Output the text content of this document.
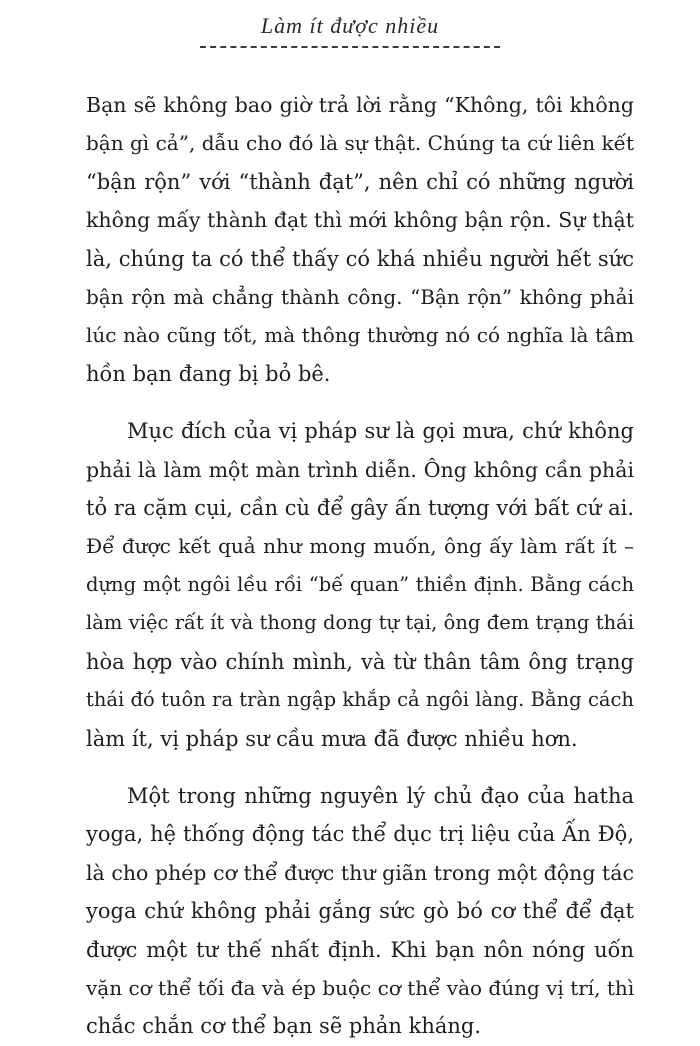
Làm ít được nhiều

Bạn sẽ không bao giờ trả lời rằng “Không, tôi không
bận gì cả”, dẫu cho đó là sự thật. Chúng ta cứ liên kết
“bận rộn” với “thành đạt”, nên chỉ có những người
không mấy thành đạt thì mới không bận rộn. Sự thật
là, chúng ta có thể thấy có khá nhiều người hết sức
bận rộn mà chẳng thành công. “Bận rộn” không phải
lúc nào cũng tốt, mà thông thường nó có nghĩa là tâm
hồn bạn đang bị bỏ bê.

Mục đích của vị pháp sư là gọi mưa, chứ không
phải là làm một màn trình diễn. Ông không cần phải
tỏ ra cặm cụi, cần cù để gây ấn tượng với bất cứ ai.
Để được kết quả như mong muốn, ông ấy làm rất ít –
dựng một ngôi lều rồi “bế quan” thiền định. Bằng cách
làm việc rất ít và thong dong tự tại, ông đem trạng thái
hòa hợp vào chính mình, và từ thân tâm ông trạng
thái đó tuôn ra tràn ngập khắp cả ngôi làng. Bằng cách
làm ít, vị pháp sư cầu mưa đã được nhiều hơn.

Một trong những nguyên lý chủ đạo của hatha
yoga, hệ thống động tác thể dục trị liệu của Ấn Độ,
là cho phép cơ thể được thư giãn trong một động tác
yoga chứ không phải gắng sức gò bó cơ thể để đạt
được một tư thế nhất định. Khi bạn nôn nóng uốn
vặn cơ thể tối đa và ép buộc cơ thể vào đúng vị trí, thì
chắc chắn cơ thể bạn sẽ phản kháng.
